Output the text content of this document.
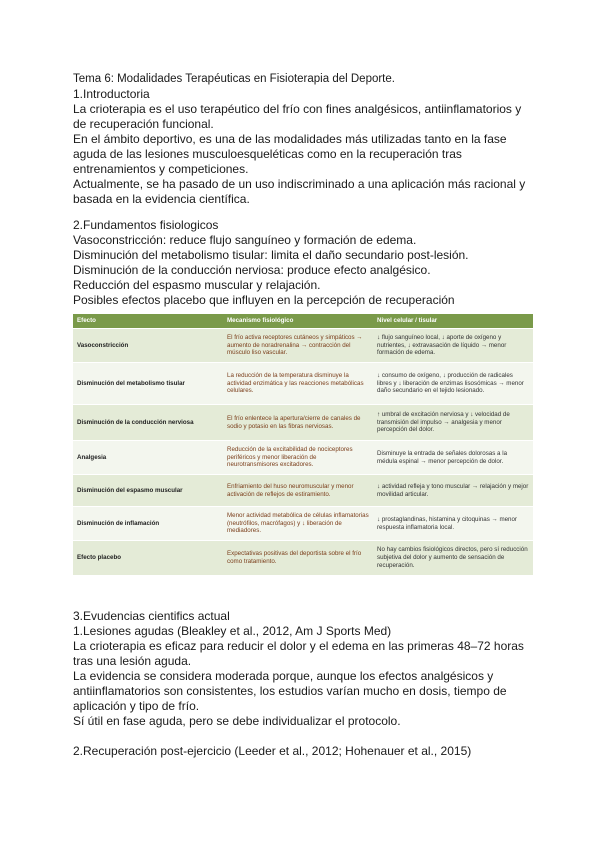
Tema 6: Modalidades Terapéuticas en Fisioterapia del Deporte.

1.Introductoria

La crioterapia es el uso terapéutico del frío con fines analgésicos, antiinflamatorios y de recuperación funcional.

En el ámbito deportivo, es una de las modalidades más utilizadas tanto en la fase aguda de las lesiones musculoesqueléticas como en la recuperación tras entrenamientos y competiciones.

Actualmente, se ha pasado de un uso indiscriminado a una aplicación más racional y basada en la evidencia científica.

2.Fundamentos fisiologicos

Vasoconstricción: reduce flujo sanguíneo y formación de edema.

Disminución del metabolismo tisular: limita el daño secundario post-lesión.

Disminución de la conducción nerviosa: produce efecto analgésico.

Reducción del espasmo muscular y relajación.

Posibles efectos placebo que influyen en la percepción de recuperación

Efecto	Mecanismo fisiológico	Nivel celular / tisular
Vasoconstricción	El frío activa receptores cutáneos y simpáticos → aumento de noradrenalina → contracción del músculo liso vascular.	↓ flujo sanguíneo local, ↓ aporte de oxígeno y nutrientes, ↓ extravasación de líquido → menor formación de edema.
Disminución del metabolismo tisular	La reducción de la temperatura disminuye la actividad enzimática y las reacciones metabólicas celulares.	↓ consumo de oxígeno, ↓ producción de radicales libres y ↓ liberación de enzimas lisosómicas → menor daño secundario en el tejido lesionado.
Disminución de la conducción nerviosa	El frío enlentece la apertura/cierre de canales de sodio y potasio en las fibras nerviosas.	↑ umbral de excitación nerviosa y ↓ velocidad de transmisión del impulso → analgesia y menor percepción del dolor.
Analgesia	Reducción de la excitabilidad de nociceptores periféricos y menor liberación de neurotransmisores excitadores.	Disminuye la entrada de señales dolorosas a la médula espinal → menor percepción de dolor.
Disminución del espasmo muscular	Enfriamiento del huso neuromuscular y menor activación de reflejos de estiramiento.	↓ actividad refleja y tono muscular → relajación y mejor movilidad articular.
Disminución de inflamación	Menor actividad metabólica de células inflamatorias (neutrófilos, macrófagos) y ↓ liberación de mediadores.	↓ prostaglandinas, histamina y citoquinas → menor respuesta inflamatoria local.
Efecto placebo	Expectativas positivas del deportista sobre el frío como tratamiento.	No hay cambios fisiológicos directos, pero sí reducción subjetiva del dolor y aumento de sensación de recuperación.

3.Evudencias cientifics actual

1.Lesiones agudas (Bleakley et al., 2012, Am J Sports Med)

La crioterapia es eficaz para reducir el dolor y el edema en las primeras 48–72 horas tras una lesión aguda.

La evidencia se considera moderada porque, aunque los efectos analgésicos y antiinflamatorios son consistentes, los estudios varían mucho en dosis, tiempo de aplicación y tipo de frío.

Sí útil en fase aguda, pero se debe individualizar el protocolo.

2.Recuperación post-ejercicio (Leeder et al., 2012; Hohenauer et al., 2015)
